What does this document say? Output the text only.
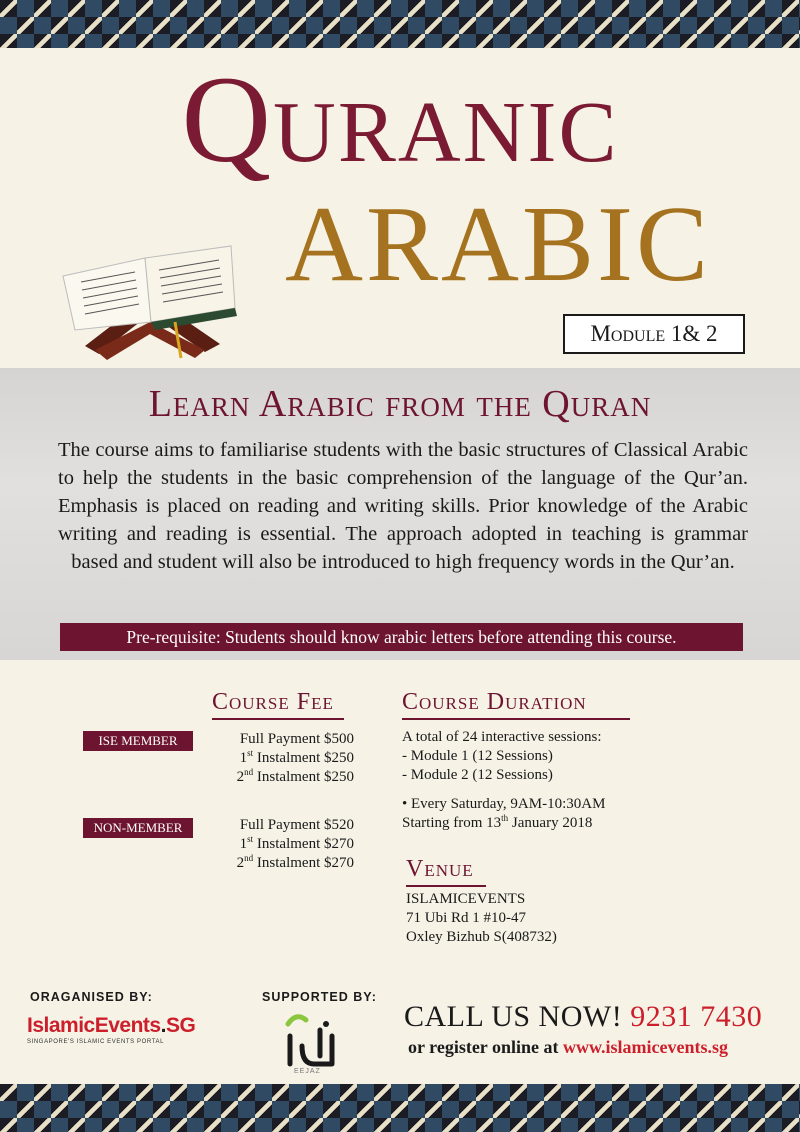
Quranic
ARABIC
Module 1& 2
Learn Arabic from the Quran
The course aims to familiarise students with the basic structures of Classical Arabic to help the students in the basic comprehension of the language of the Qur’an. Emphasis is placed on reading and writing skills. Prior knowledge of the Arabic writing and reading is essential. The approach adopted in teaching is grammar based and student will also be introduced to high frequency words in the Qur’an.
Pre-requisite: Students should know arabic letters before attending this course.
Course Fee
ISE MEMBER	Full Payment $500
1st Instalment $250
2nd Instalment $250
NON-MEMBER	Full Payment $520
1st Instalment $270
2nd Instalment $270
Course Duration
A total of 24 interactive sessions:
- Module 1 (12 Sessions)
- Module 2 (12 Sessions)
• Every Saturday, 9AM-10:30AM
Starting from 13th January 2018
Venue
ISLAMICEVENTS
71 Ubi Rd 1 #10-47
Oxley Bizhub S(408732)
ORAGANISED BY:
IslamicEvents.SG
SINGAPORE'S ISLAMIC EVENTS PORTAL
SUPPORTED BY:
EEJAZ
CALL US NOW! 9231 7430
or register online at www.islamicevents.sg
